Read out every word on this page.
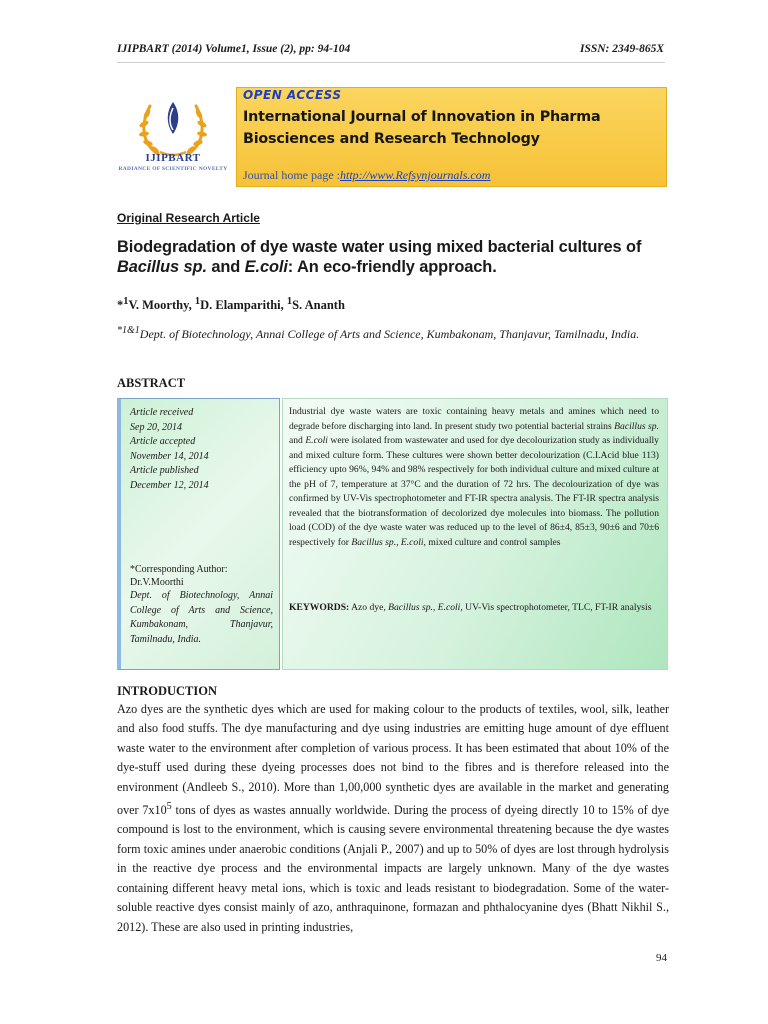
IJIPBART (2014) Volume1, Issue (2), pp: 94-104	ISSN: 2349-865X
IJIPBART
RADIANCE OF SCIENTIFIC NOVELTY
OPEN ACCESS
International Journal of Innovation in Pharma Biosciences and Research Technology
Journal home page :http://www.Refsynjournals.com
Original Research Article
Biodegradation of dye waste water using mixed bacterial cultures of Bacillus sp. and E.coli: An eco-friendly approach.
*$^1$V. Moorthy, $^1$D. Elamparithi, $^1$S. Ananth
$^{*1\&1}$Dept. of Biotechnology, Annai College of Arts and Science, Kumbakonam, Thanjavur, Tamilnadu, India.
ABSTRACT
Article received
Sep 20, 2014
Article accepted
November 14, 2014
Article published
December 12, 2014
*Corresponding Author:
Dr.V.Moorthi
Dept. of Biotechnology, Annai
College of Arts and Science,
Kumbakonam, Thanjavur,
Tamilnadu, India.
Industrial dye waste waters are toxic containing heavy metals and amines which need to degrade before discharging into land. In present study two potential bacterial strains Bacillus sp. and E.coli were isolated from wastewater and used for dye decolourization study as individually and mixed culture form. These cultures were shown better decolourization (C.I.Acid blue 113) efficiency upto 96%, 94% and 98% respectively for both individual culture and mixed culture at the pH of 7, temperature at 37°C and the duration of 72 hrs. The decolourization of dye was confirmed by UV-Vis spectrophotometer and FT-IR spectra analysis. The FT-IR spectra analysis revealed that the biotransformation of decolorized dye molecules into biomass. The pollution load (COD) of the dye waste water was reduced up to the level of 86±4, 85±3, 90±6 and 70±6 respectively for Bacillus sp., E.coli, mixed culture and control samples
KEYWORDS: Azo dye, Bacillus sp., E.coli, UV-Vis spectrophotometer, TLC, FT-IR analysis
INTRODUCTION
Azo dyes are the synthetic dyes which are used for making colour to the products of textiles, wool, silk, leather and also food stuffs. The dye manufacturing and dye using industries are emitting huge amount of dye effluent waste water to the environment after completion of various process. It has been estimated that about 10% of the dye-stuff used during these dyeing processes does not bind to the fibres and is therefore released into the environment (Andleeb S., 2010). More than 1,00,000 synthetic dyes are available in the market and generating over $7x10^5$ tons of dyes as wastes annually worldwide. During the process of dyeing directly 10 to 15% of dye compound is lost to the environment, which is causing severe environmental threatening because the dye wastes form toxic amines under anaerobic conditions (Anjali P., 2007) and up to 50% of dyes are lost through hydrolysis in the reactive dye process and the environmental impacts are largely unknown. Many of the dye wastes containing different heavy metal ions, which is toxic and leads resistant to biodegradation. Some of the water-soluble reactive dyes consist mainly of azo, anthraquinone, formazan and phthalocyanine dyes (Bhatt Nikhil S., 2012). These are also used in printing industries,
94
